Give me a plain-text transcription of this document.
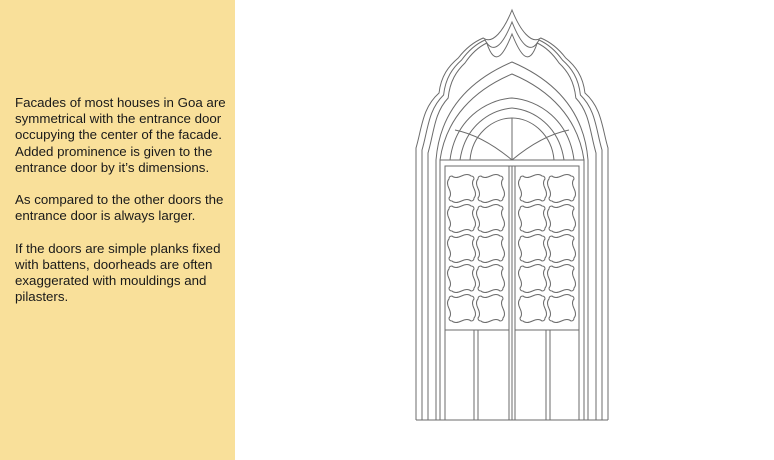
Facades of most houses in Goa are symmetrical with the entrance door occupying the center of the facade. Added prominence is given to the entrance door by it’s dimensions.

As compared to the other doors the entrance door is always larger.

If the doors are simple planks fixed with battens, doorheads are often exaggerated with mouldings and pilasters.
